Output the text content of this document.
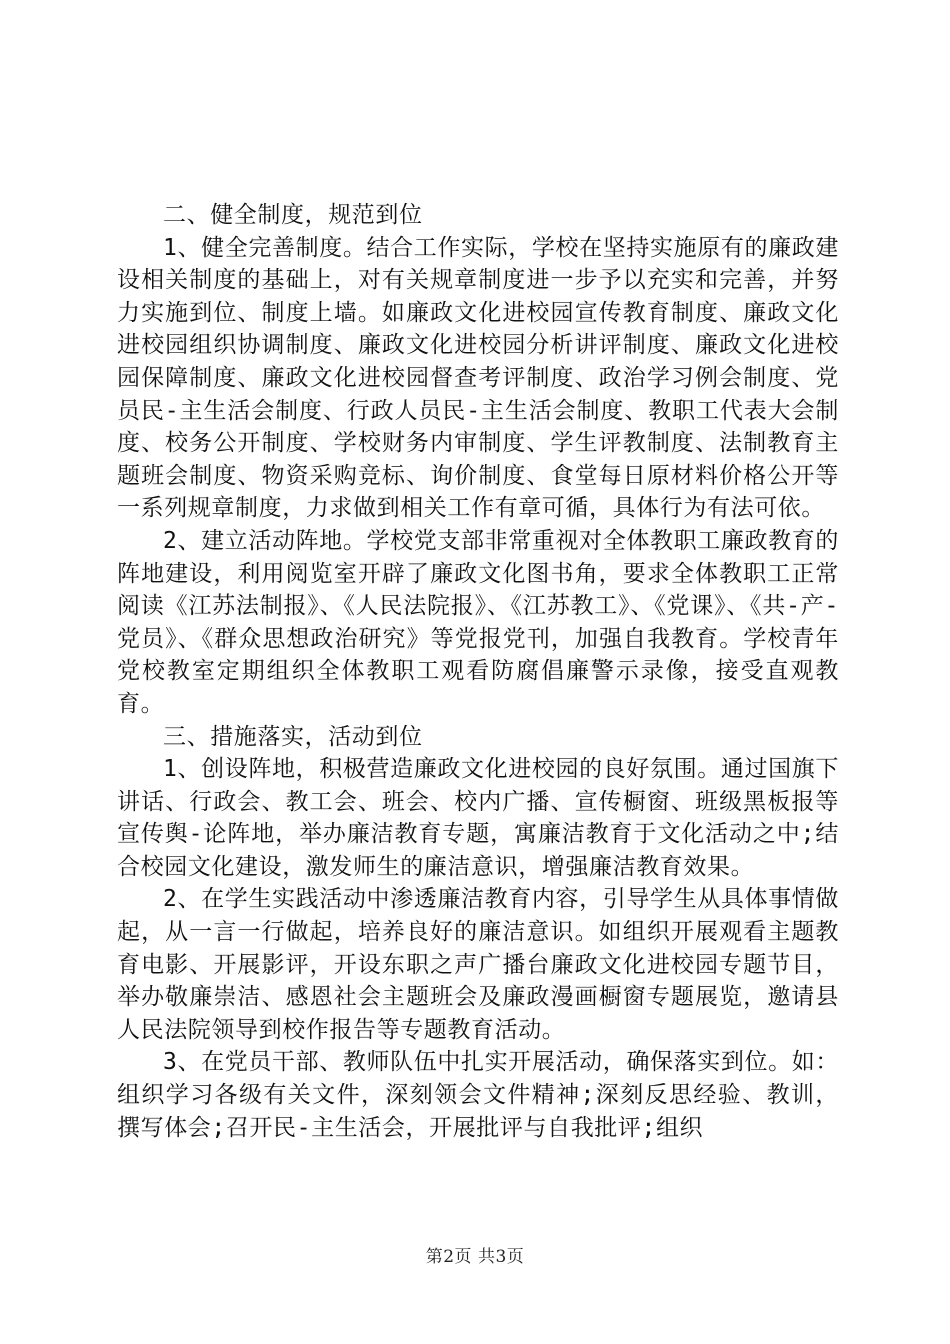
二、健全制度，规范到位

1、健全完善制度。结合工作实际，学校在坚持实施原有的廉政建设相关制度的基础上，对有关规章制度进一步予以充实和完善，并努力实施到位、制度上墙。如廉政文化进校园宣传教育制度、廉政文化进校园组织协调制度、廉政文化进校园分析讲评制度、廉政文化进校园保障制度、廉政文化进校园督查考评制度、政治学习例会制度、党员民-主生活会制度、行政人员民-主生活会制度、教职工代表大会制度、校务公开制度、学校财务内审制度、学生评教制度、法制教育主题班会制度、物资采购竞标、询价制度、食堂每日原材料价格公开等一系列规章制度，力求做到相关工作有章可循，具体行为有法可依。

2、建立活动阵地。学校党支部非常重视对全体教职工廉政教育的阵地建设，利用阅览室开辟了廉政文化图书角，要求全体教职工正常阅读《江苏法制报》、《人民法院报》、《江苏教工》、《党课》、《共-产-党员》、《群众思想政治研究》等党报党刊，加强自我教育。学校青年党校教室定期组织全体教职工观看防腐倡廉警示录像，接受直观教育。

三、措施落实，活动到位

1、创设阵地，积极营造廉政文化进校园的良好氛围。通过国旗下讲话、行政会、教工会、班会、校内广播、宣传橱窗、班级黑板报等宣传舆-论阵地，举办廉洁教育专题，寓廉洁教育于文化活动之中;结合校园文化建设，激发师生的廉洁意识，增强廉洁教育效果。

2、在学生实践活动中渗透廉洁教育内容，引导学生从具体事情做起，从一言一行做起，培养良好的廉洁意识。如组织开展观看主题教育电影、开展影评，开设东职之声广播台廉政文化进校园专题节目，举办敬廉崇洁、感恩社会主题班会及廉政漫画橱窗专题展览，邀请县人民法院领导到校作报告等专题教育活动。

3、在党员干部、教师队伍中扎实开展活动，确保落实到位。如：组织学习各级有关文件，深刻领会文件精神;深刻反思经验、教训，撰写体会;召开民-主生活会，开展批评与自我批评;组织

第2页 共3页
